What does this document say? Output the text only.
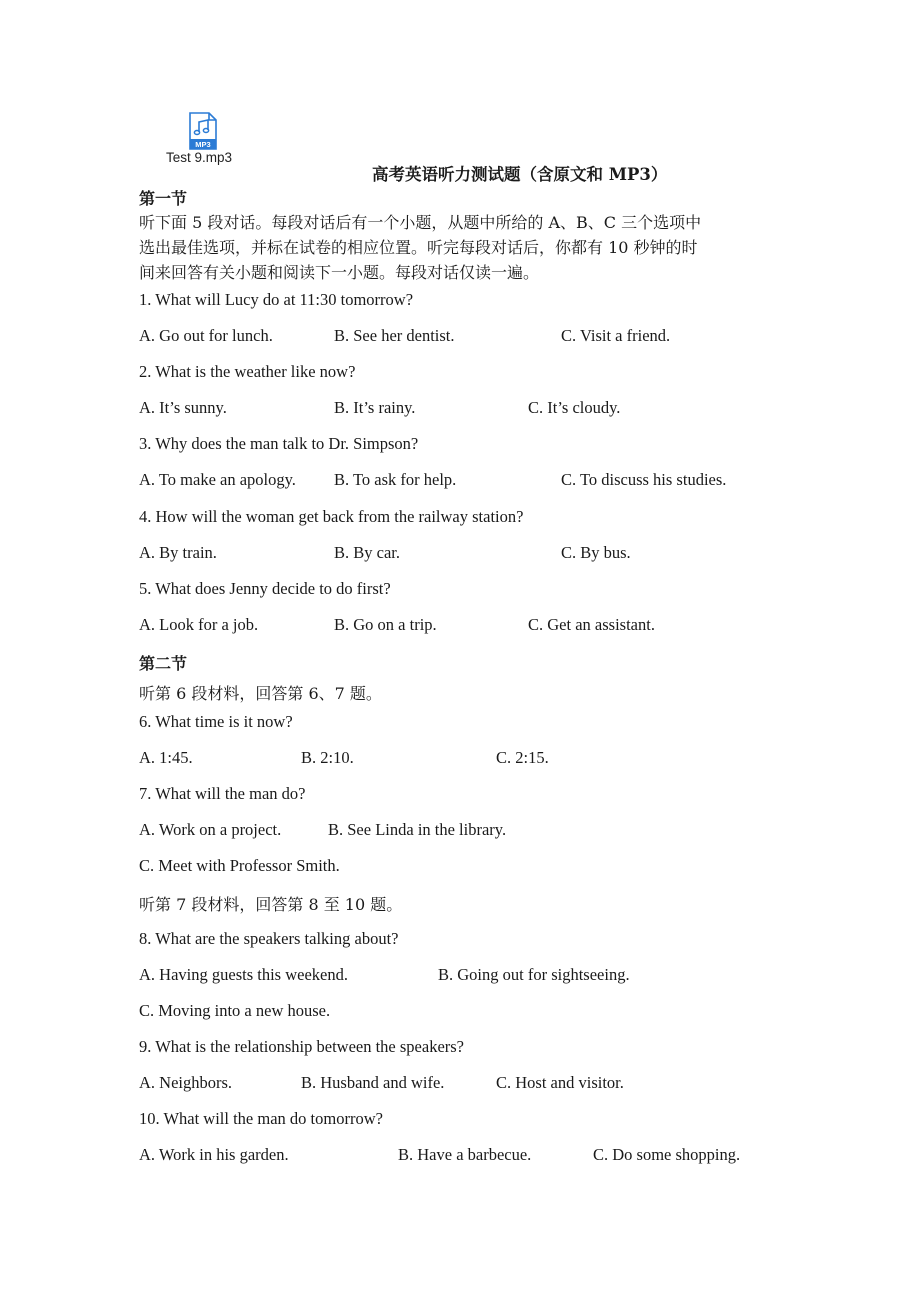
MP3
Test 9.mp3
高考英语听力测试题（含原文和 MP3）
第一节
听下面 5 段对话。每段对话后有一个小题，从题中所给的 A、B、C 三个选项中
选出最佳选项，并标在试卷的相应位置。听完每段对话后，你都有 10 秒钟的时
间来回答有关小题和阅读下一小题。每段对话仅读一遍。
1. What will Lucy do at 11:30 tomorrow?
A. Go out for lunch.	B. See her dentist.	C. Visit a friend.
2. What is the weather like now?
A. It’s sunny.	B. It’s rainy.	C. It’s cloudy.
3. Why does the man talk to Dr. Simpson?
A. To make an apology. B. To ask for help.	C. To discuss his studies.
4. How will the woman get back from the railway station?
A. By train.	B. By car.	C. By bus.
5. What does Jenny decide to do first?
A. Look for a job.	B. Go on a trip.	C. Get an assistant.
第二节
听第 6 段材料，回答第 6、7 题。
6. What time is it now?
A. 1:45.	B. 2:10.	C. 2:15.
7. What will the man do?
A. Work on a project.	B. See Linda in the library.
C. Meet with Professor Smith.
听第 7 段材料，回答第 8 至 10 题。
8. What are the speakers talking about?
A. Having guests this weekend.	B. Going out for sightseeing.
C. Moving into a new house.
9. What is the relationship between the speakers?
A. Neighbors.	B. Husband and wife.	C. Host and visitor.
10. What will the man do tomorrow?
A. Work in his garden.	B. Have a barbecue.	C. Do some shopping.
